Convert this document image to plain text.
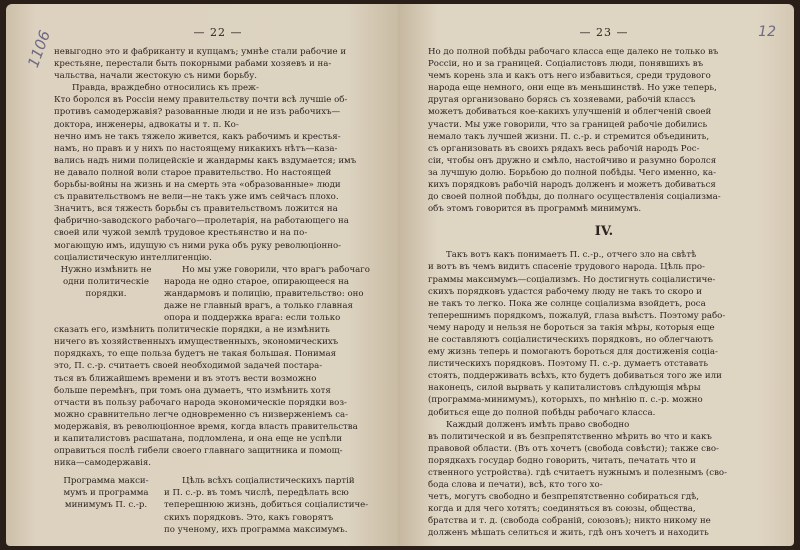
1106	— 22 —
невыгодно это и фабриканту и купцамъ; умнѣе стали рабочие и
крестьяне, перестали быть покорными рабами хозяевъ и на-
чальства, начали жестокую съ ними борьбу.
Правда, враждебно относились къ преж-
Кто боролся въ Россіи нему правительству почти всѣ лучшіе об-
противъ самодержавія? разованные люди и не изъ рабочихъ—
доктора, инженеры, адвокаты и т. п. Ко-
нечно имъ не такъ тяжело живется, какъ рабочимъ и крестья-
намъ, но правъ и у нихъ по настоящему никакихъ нѣтъ—каза-
вались надъ ними полицейскіе и жандармы какъ вздумается; имъ
не давало полной воли старое правительство. Но настоящей
борьбы-войны на жизнь и на смерть эта «образованные» люди
съ правительствомъ не вели—не такъ уже имъ сейчасъ плохо.
Значитъ, вся тяжесть борьбы съ правительствомъ ложится на
фабрично-заводского рабочаго—пролетарія, на работающего на
своей или чужой землѣ трудовое крестьянство и на по-
могающую имъ, идущую съ ними рука объ руку революціонно-
соціалистическую интеллигенцію.
Нужно измѣнить не
одни политическіе
порядки.
Но мы уже говорили, что врагъ рабочаго
народа не одно старое, опирающееся на
жандармовъ и полицію, правительство: оно
даже не главный врагъ, а только главная
опора и поддержка врага: если только
сказать его, измѣнить политическіе порядки, а не измѣнить
ничего въ хозяйственныхъ имущественныхъ, экономическихъ
порядкахъ, то еще польза будетъ не такая большая. Понимая
это, П. с.-р. считаетъ своей необходимой задачей постара-
ться въ ближайшемъ времени и въ этотъ вести возможно
больше перемѣнъ, при томъ она думаетъ, что измѣнить хотя
отчасти въ пользу рабочаго народа экономическіе порядки воз-
можно сравнительно легче одновременно съ низверженіемъ са-
модержавія, въ революціонное время, когда власть правительства
и капиталистовъ расшатана, подломлена, и она еще не успѣли
оправиться послѣ гибели своего главнаго защитника и помощ-
ника—самодержавія.
Программа макси-
мумъ и программа
минимумъ П. с.-р.
Цѣль всѣхъ соціалистическихъ партій
и П. с.-р. въ томъ числѣ, передѣлать всю
теперешнюю жизнь, добиться соціалистиче-
скихъ порядковъ. Это, какъ говорятъ
по ученому, ихъ программа максимумъ.
12
— 23 —
Но до полной побѣды рабочаго класса еще далеко не только въ
Россіи, но и за границей. Соціалистовъ люди, понявшихъ въ
чемъ корень зла и какъ отъ него избавиться, среди трудового
народа еще немного, они еще въ меньшинствѣ. Но уже теперь,
другая организовано борясь съ хозяевами, рабочій классъ
можетъ добиваться кое-какихъ улучшеній и облегченій своей
участи. Мы уже говорили, что за границей рабочіе добились
немало такъ лучшей жизни. П. с.-р. и стремится объединить,
съ организовать въ своихъ рядахъ весь рабочій народъ Рос-
сіи, чтобы онъ дружно и смѣло, настойчиво и разумно боролся
за лучшую долю. Борьбою до полной побѣды. Чего именно, ка-
кихъ порядковъ рабочій народъ долженъ и можетъ добиваться
до своей полной побѣды, до полнаго осуществленія соціализма-
объ этомъ говорится въ программѣ минимумъ.
IV.
Такъ вотъ какъ понимаетъ П. с.-р., отчего зло на свѣтѣ
и вотъ въ чемъ видитъ спасеніе трудового народа. Цѣль про-
граммы максимумъ—соціализмъ. Но достигнуть соціалистиче-
скихъ порядковъ удастся рабочему люду не такъ то скоро и
не такъ то легко. Пока же солнце соціализма взойдетъ, роса
теперешнимъ порядкомъ, пожалуй, глаза выѣстъ. Поэтому рабо-
чему народу и нельзя не бороться за такія мѣры, которыя еще
не составляютъ соціалистическихъ порядковъ, но облегчаютъ
ему жизнь теперь и помогаютъ бороться для достиженія соціа-
листическихъ порядковъ. Поэтому П. с.-р. думаетъ отставать
стоять, поддерживать всѣхъ, кто будетъ добиваться того же или
наконецъ, силой вырвать у капиталистовъ слѣдующія мѣры
(программа-минимумъ), которыхъ, по мнѣнію п. с.-р. можно
добиться еще до полной побѣды рабочаго класса.
Каждый долженъ имѣть право свободно
въ политической и въ безпрепятственно мѣрить во что и какъ
правовой области. (Въ отъ хочетъ (свобода совѣсти); также сво-
порядкахъ государ бодно говорить, читать, печатать что и
ственного устройства). гдѣ считаетъ нужнымъ и полезнымъ (сво-
бода слова и печати), всѣ, кто того хо-
четъ, могутъ свободно и безпрепятственно собираться гдѣ,
когда и для чего хотятъ; соединяться въ союзы, общества,
братства и т. д. (свобода собраній, союзовъ); никто никому не
долженъ мѣшать селиться и жить, гдѣ онъ хочетъ и находить
